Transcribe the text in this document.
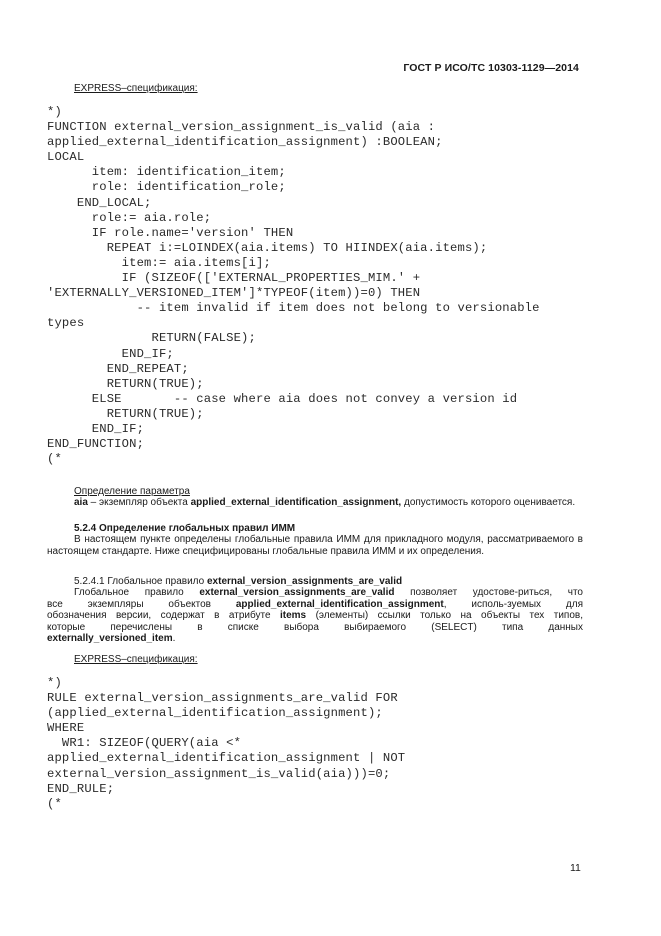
ГОСТ Р ИСО/ТС 10303-1129—2014
EXPRESS–спецификация:
*)
FUNCTION external_version_assignment_is_valid (aia :
applied_external_identification_assignment) :BOOLEAN;
LOCAL
item: identification_item;
role: identification_role;
END_LOCAL;
role:= aia.role;
IF role.name='version' THEN
REPEAT i:=LOINDEX(aia.items) TO HIINDEX(aia.items);
item:= aia.items[i];
IF (SIZEOF(['EXTERNAL_PROPERTIES_MIM.' +
'EXTERNALLY_VERSIONED_ITEM']*TYPEOF(item))=0) THEN
-- item invalid if item does not belong to versionable
types
RETURN(FALSE);
END_IF;
END_REPEAT;
RETURN(TRUE);
ELSE       -- case where aia does not convey a version id
RETURN(TRUE);
END_IF;
END_FUNCTION;
(*
Определение параметра
aia – экземпляр объекта applied_external_identification_assignment, допустимость которого оценивается.
5.2.4 Определение глобальных правил ИММ
В настоящем пункте определены глобальные правила ИММ для прикладного модуля, рассматриваемого в настоящем стандарте. Ниже специфицированы глобальные правила ИММ и их определения.
5.2.4.1 Глобальное правило external_version_assignments_are_valid
Глобальное правило external_version_assignments_are_valid позволяет удостове-риться, что
все экземпляры объектов applied_external_identification_assignment, исполь-зуемых для
обозначения версии, содержат в атрибуте items (элементы) ссылки только на объекты тех типов,
которые перечислены в списке выбора выбираемого (SELECT) типа данных
externally_versioned_item.
EXPRESS–спецификация:
*)
RULE external_version_assignments_are_valid FOR
(applied_external_identification_assignment);
WHERE
WR1: SIZEOF(QUERY(aia <*
applied_external_identification_assignment | NOT
external_version_assignment_is_valid(aia)))=0;
END_RULE;
(*
11
